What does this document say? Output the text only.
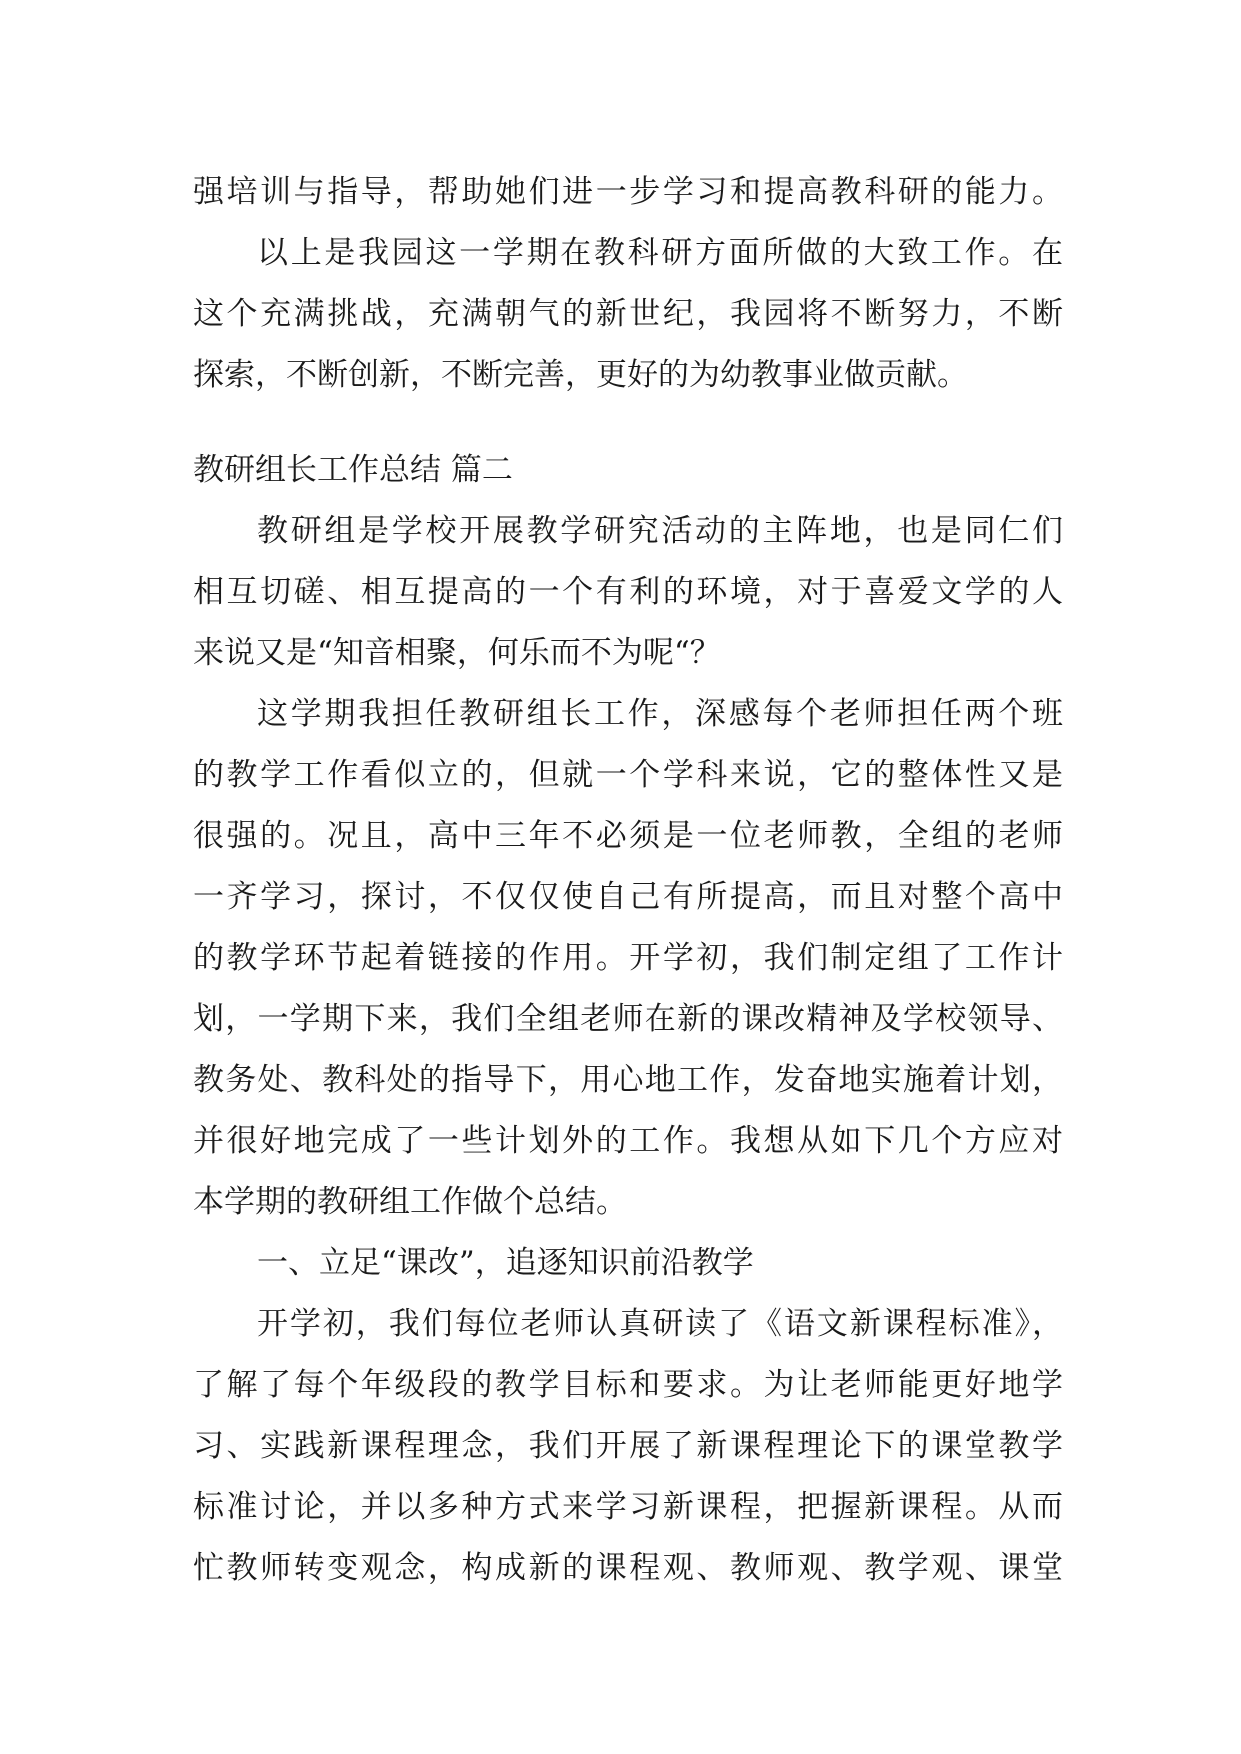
强培训与指导，帮助她们进一步学习和提高教科研的能力。
以上是我园这一学期在教科研方面所做的大致工作。在
这个充满挑战，充满朝气的新世纪，我园将不断努力，不断
探索，不断创新，不断完善，更好的为幼教事业做贡献。
教研组长工作总结 篇二
教研组是学校开展教学研究活动的主阵地，也是同仁们
相互切磋、相互提高的一个有利的环境，对于喜爱文学的人
来说又是“知音相聚，何乐而不为呢“？
这学期我担任教研组长工作，深感每个老师担任两个班
的教学工作看似立的，但就一个学科来说，它的整体性又是
很强的。况且，高中三年不必须是一位老师教，全组的老师
一齐学习，探讨，不仅仅使自己有所提高，而且对整个高中
的教学环节起着链接的作用。开学初，我们制定组了工作计
划，一学期下来，我们全组老师在新的课改精神及学校领导、
教务处、教科处的指导下，用心地工作，发奋地实施着计划，
并很好地完成了一些计划外的工作。我想从如下几个方应对
本学期的教研组工作做个总结。
一、立足“课改”，追逐知识前沿教学
开学初，我们每位老师认真研读了《语文新课程标准》，
了解了每个年级段的教学目标和要求。为让老师能更好地学
习、实践新课程理念，我们开展了新课程理论下的课堂教学
标准讨论，并以多种方式来学习新课程，把握新课程。从而
忙教师转变观念，构成新的课程观、教师观、教学观、课堂
